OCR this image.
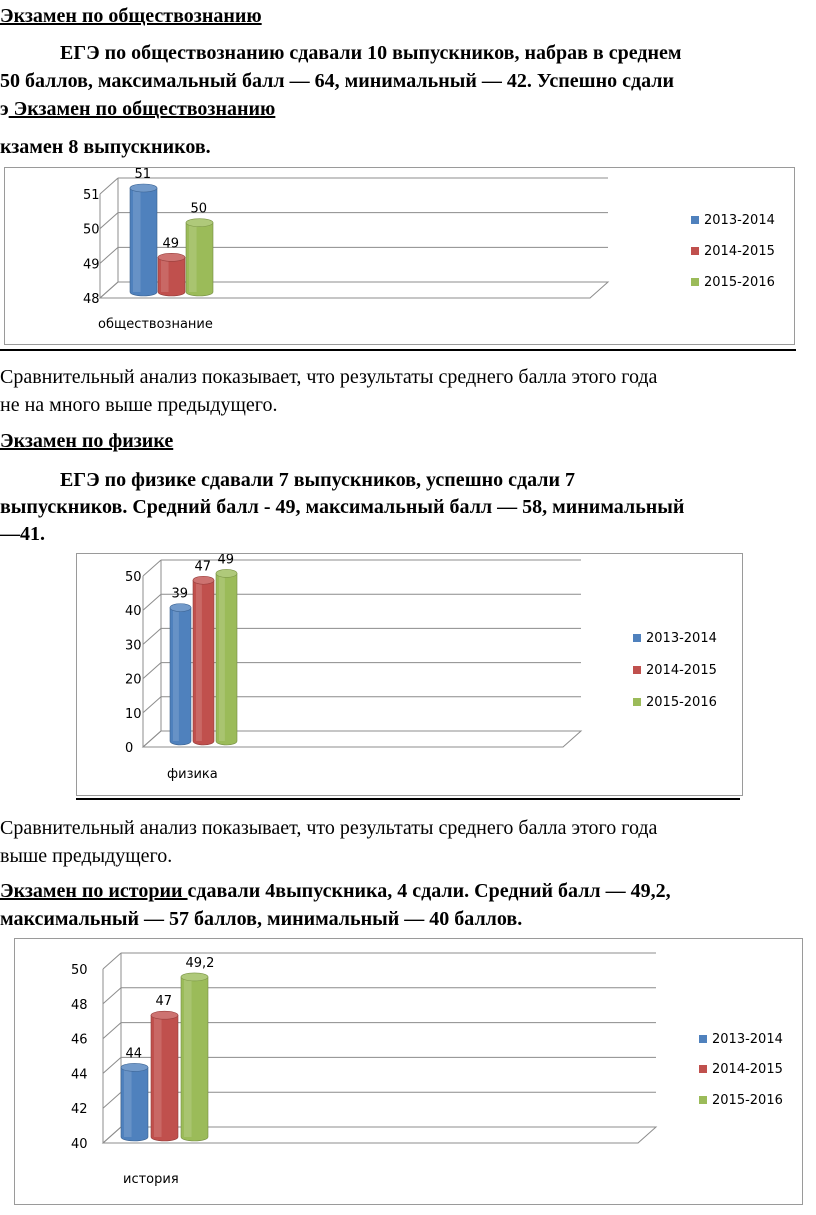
Экзамен по обществознанию
ЕГЭ по обществознанию сдавали 10 выпускников, набрав в среднем
50 баллов, максимальный балл — 64, минимальный — 42. Успешно сдали
э Экзамен по обществознанию
кзамен 8 выпускников.
48
49
50
51
обществознание
51
49
50
2013-2014
2014-2015
2015-2016
Сравнительный анализ показывает, что результаты среднего балла этого года
не на много выше предыдущего.
Экзамен по физике
ЕГЭ по физике сдавали 7 выпускников, успешно сдали 7
выпускников. Средний балл - 49, максимальный балл — 58, минимальный
—41.
0
10
20
30
40
50
физика
39
47 49
2013-2014
2014-2015
2015-2016
Сравнительный анализ показывает, что результаты среднего балла этого года
выше предыдущего.
Экзамен по истории сдавали 4выпускника, 4 сдали. Средний балл — 49,2,
максимальный — 57 баллов, минимальный — 40 баллов.
40
42
44
46
48
50
история
44
47
49,2
2013-2014
2014-2015
2015-2016
